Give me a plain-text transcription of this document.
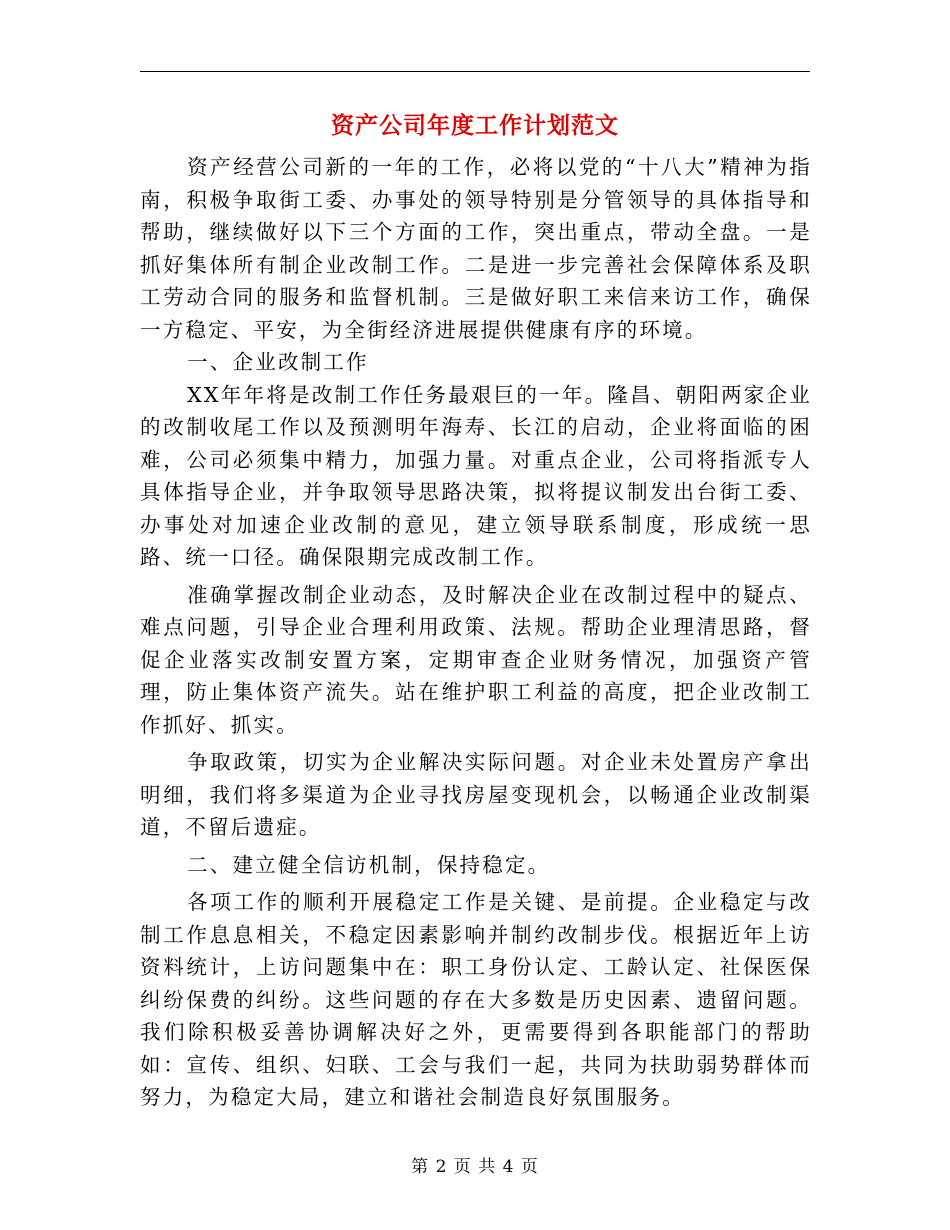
资产公司年度工作计划范文

资产经营公司新的一年的工作，必将以党的“十八大”精神为指南，积极争取街工委、办事处的领导特别是分管领导的具体指导和帮助，继续做好以下三个方面的工作，突出重点，带动全盘。一是抓好集体所有制企业改制工作。二是进一步完善社会保障体系及职工劳动合同的服务和监督机制。三是做好职工来信来访工作，确保一方稳定、平安，为全街经济进展提供健康有序的环境。

一、企业改制工作

XX年年将是改制工作任务最艰巨的一年。隆昌、朝阳两家企业的改制收尾工作以及预测明年海寿、长江的启动，企业将面临的困难，公司必须集中精力，加强力量。对重点企业，公司将指派专人具体指导企业，并争取领导思路决策，拟将提议制发出台街工委、办事处对加速企业改制的意见，建立领导联系制度，形成统一思路、统一口径。确保限期完成改制工作。

准确掌握改制企业动态，及时解决企业在改制过程中的疑点、难点问题，引导企业合理利用政策、法规。帮助企业理清思路，督促企业落实改制安置方案，定期审查企业财务情况，加强资产管理，防止集体资产流失。站在维护职工利益的高度，把企业改制工作抓好、抓实。

争取政策，切实为企业解决实际问题。对企业未处置房产拿出明细，我们将多渠道为企业寻找房屋变现机会，以畅通企业改制渠道，不留后遗症。

二、建立健全信访机制，保持稳定。

各项工作的顺利开展稳定工作是关键、是前提。企业稳定与改制工作息息相关，不稳定因素影响并制约改制步伐。根据近年上访资料统计，上访问题集中在：职工身份认定、工龄认定、社保医保纠纷保费的纠纷。这些问题的存在大多数是历史因素、遗留问题。我们除积极妥善协调解决好之外，更需要得到各职能部门的帮助如：宣传、组织、妇联、工会与我们一起，共同为扶助弱势群体而努力，为稳定大局，建立和谐社会制造良好氛围服务。

第 2 页 共 4 页
